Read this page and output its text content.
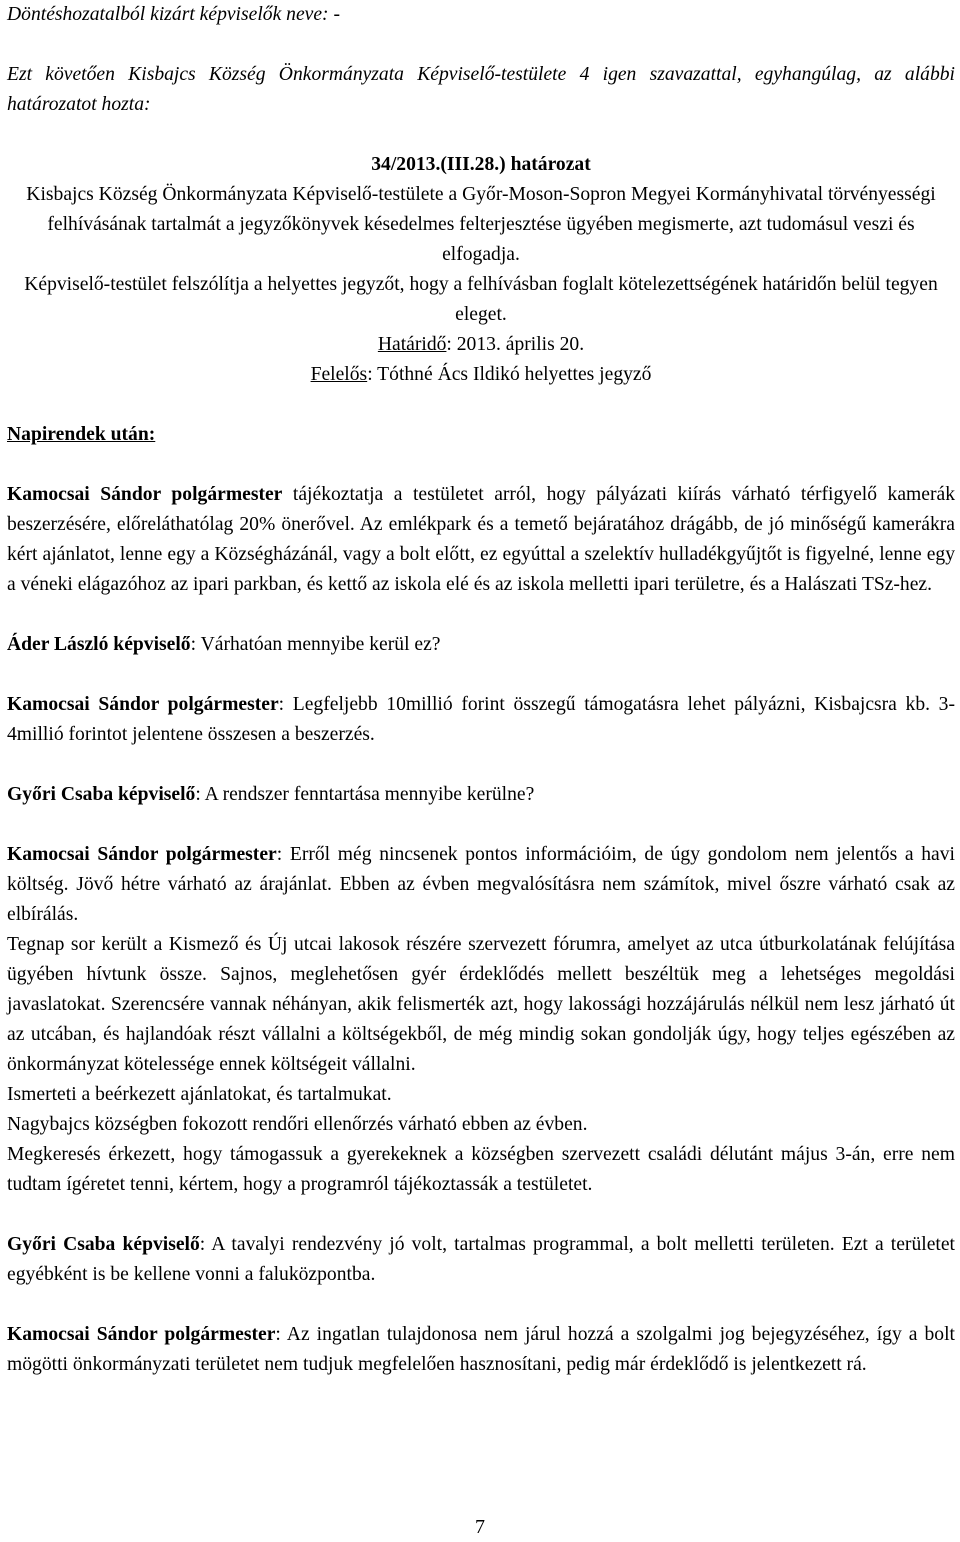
Döntéshozatalból kizárt képviselők neve: -

Ezt követően Kisbajcs Község Önkormányzata Képviselő-testülete 4 igen szavazattal, egyhangúlag, az alábbi határozatot hozta:

34/2013.(III.28.) határozat

Kisbajcs Község Önkormányzata Képviselő-testülete a Győr-Moson-Sopron Megyei Kormányhivatal törvényességi felhívásának tartalmát a jegyzőkönyvek késedelmes felterjesztése ügyében megismerte, azt tudomásul veszi és elfogadja.

Képviselő-testület felszólítja a helyettes jegyzőt, hogy a felhívásban foglalt kötelezettségének határidőn belül tegyen eleget.

Határidő: 2013. április 20.

Felelős: Tóthné Ács Ildikó helyettes jegyző

Napirendek után:

Kamocsai Sándor polgármester tájékoztatja a testületet arról, hogy pályázati kiírás várható térfigyelő kamerák beszerzésére, előreláthatólag 20% önerővel. Az emlékpark és a temető bejáratához drágább, de jó minőségű kamerákra kért ajánlatot, lenne egy a Községházánál, vagy a bolt előtt, ez egyúttal a szelektív hulladékgyűjtőt is figyelné, lenne egy a véneki elágazóhoz az ipari parkban, és kettő az iskola elé és az iskola melletti ipari területre, és a Halászati TSz-hez.

Áder László képviselő: Várhatóan mennyibe kerül ez?

Kamocsai Sándor polgármester: Legfeljebb 10millió forint összegű támogatásra lehet pályázni, Kisbajcsra kb. 3-4millió forintot jelentene összesen a beszerzés.

Győri Csaba képviselő: A rendszer fenntartása mennyibe kerülne?

Kamocsai Sándor polgármester: Erről még nincsenek pontos információim, de úgy gondolom nem jelentős a havi költség. Jövő hétre várható az árajánlat. Ebben az évben megvalósításra nem számítok, mivel őszre várható csak az elbírálás.

Tegnap sor került a Kismező és Új utcai lakosok részére szervezett fórumra, amelyet az utca útburkolatának felújítása ügyében hívtunk össze. Sajnos, meglehetősen gyér érdeklődés mellett beszéltük meg a lehetséges megoldási javaslatokat. Szerencsére vannak néhányan, akik felismerték azt, hogy lakossági hozzájárulás nélkül nem lesz járható út az utcában, és hajlandóak részt vállalni a költségekből, de még mindig sokan gondolják úgy, hogy teljes egészében az önkormányzat kötelessége ennek költségeit vállalni.

Ismerteti a beérkezett ajánlatokat, és tartalmukat.

Nagybajcs községben fokozott rendőri ellenőrzés várható ebben az évben.

Megkeresés érkezett, hogy támogassuk a gyerekeknek a községben szervezett családi délutánt május 3-án, erre nem tudtam ígéretet tenni, kértem, hogy a programról tájékoztassák a testületet.

Győri Csaba képviselő: A tavalyi rendezvény jó volt, tartalmas programmal, a bolt melletti területen. Ezt a területet egyébként is be kellene vonni a faluközpontba.

Kamocsai Sándor polgármester: Az ingatlan tulajdonosa nem járul hozzá a szolgalmi jog bejegyzéséhez, így a bolt mögötti önkormányzati területet nem tudjuk megfelelően hasznosítani, pedig már érdeklődő is jelentkezett rá.

7
